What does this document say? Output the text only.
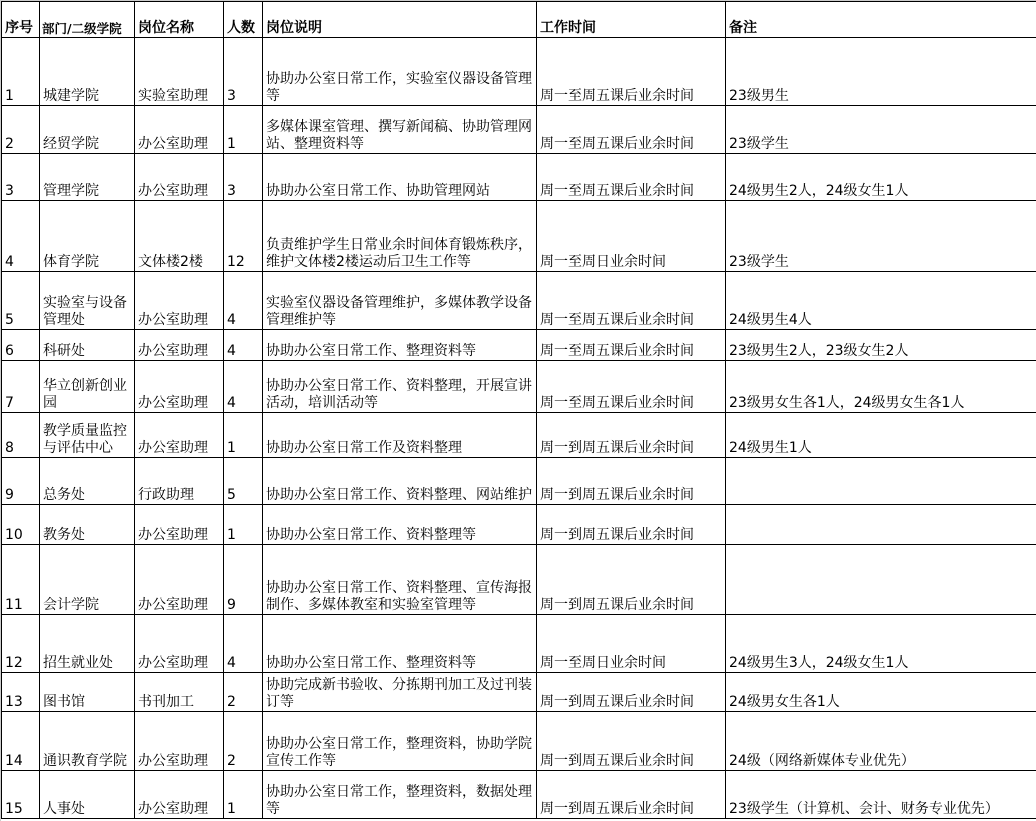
序号	部门/二级学院	岗位名称	人数	岗位说明	工作时间	备注
1	城建学院	实验室助理	3	协助办公室日常工作，实验室仪器设备管理等	周一至周五课后业余时间	23级男生
2	经贸学院	办公室助理	1	多媒体课室管理、撰写新闻稿、协助管理网站、整理资料等	周一至周五课后业余时间	23级学生
3	管理学院	办公室助理	3	协助办公室日常工作、协助管理网站	周一至周五课后业余时间	24级男生2人，24级女生1人
4	体育学院	文体楼2楼	12	负责维护学生日常业余时间体育锻炼秩序，维护文体楼2楼运动后卫生工作等	周一至周日业余时间	23级学生
5	实验室与设备管理处	办公室助理	4	实验室仪器设备管理维护，多媒体教学设备管理维护等	周一至周五课后业余时间	24级男生4人
6	科研处	办公室助理	4	协助办公室日常工作、整理资料等	周一至周五课后业余时间	23级男生2人，23级女生2人
7	华立创新创业园	办公室助理	4	协助办公室日常工作、资料整理，开展宣讲活动，培训活动等	周一至周五课后业余时间	23级男女生各1人，24级男女生各1人
8	教学质量监控与评估中心	办公室助理	1	协助办公室日常工作及资料整理	周一到周五课后业余时间	24级男生1人
9	总务处	行政助理	5	协助办公室日常工作、资料整理、网站维护	周一到周五课后业余时间	
10	教务处	办公室助理	1	协助办公室日常工作、资料整理等	周一到周五课后业余时间	
11	会计学院	办公室助理	9	协助办公室日常工作、资料整理、宣传海报制作、多媒体教室和实验室管理等	周一到周五课后业余时间	
12	招生就业处	办公室助理	4	协助办公室日常工作、整理资料等	周一至周日业余时间	24级男生3人，24级女生1人
13	图书馆	书刊加工	2	协助完成新书验收、分拣期刊加工及过刊装订等	周一到周五课后业余时间	24级男女生各1人
14	通识教育学院	办公室助理	2	协助办公室日常工作，整理资料，协助学院宣传工作等	周一到周五课后业余时间	24级（网络新媒体专业优先）
15	人事处	办公室助理	1	协助办公室日常工作，整理资料，数据处理等	周一到周五课后业余时间	23级学生（计算机、会计、财务专业优先）
